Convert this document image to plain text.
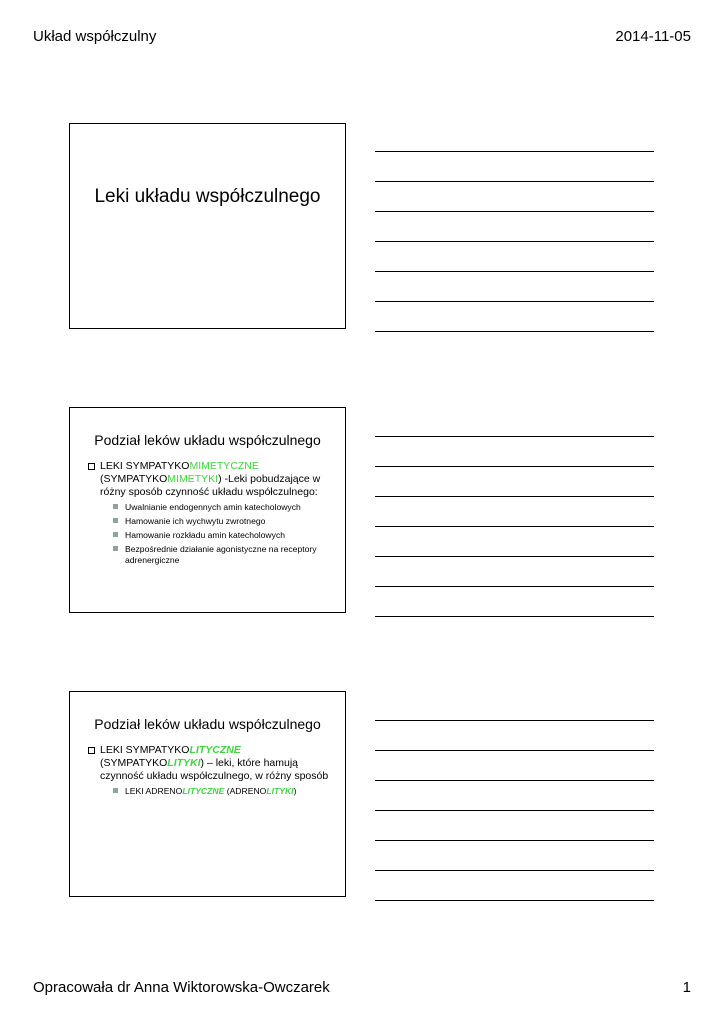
Układ współczulny	2014-11-05
Leki układu współczulnego
Podział leków układu współczulnego
LEKI SYMPATYKOMIMETYCZNE (SYMPATYKOMIMETYKI) -Leki pobudzające w różny sposób czynność układu współczulnego:
Uwalnianie endogennych amin katecholowych
Hamowanie ich wychwytu zwrotnego
Hamowanie rozkładu amin katecholowych
Bezpośrednie działanie agonistyczne na receptory adrenergiczne
Podział leków układu współczulnego
LEKI SYMPATYKOLITYCZNE (SYMPATYKOLITYKI) – leki, które hamują czynność układu współczulnego, w różny sposób
LEKI ADRENOLITYCZNE (ADRENOLITYKI)
Opracowała dr Anna Wiktorowska-Owczarek	1
